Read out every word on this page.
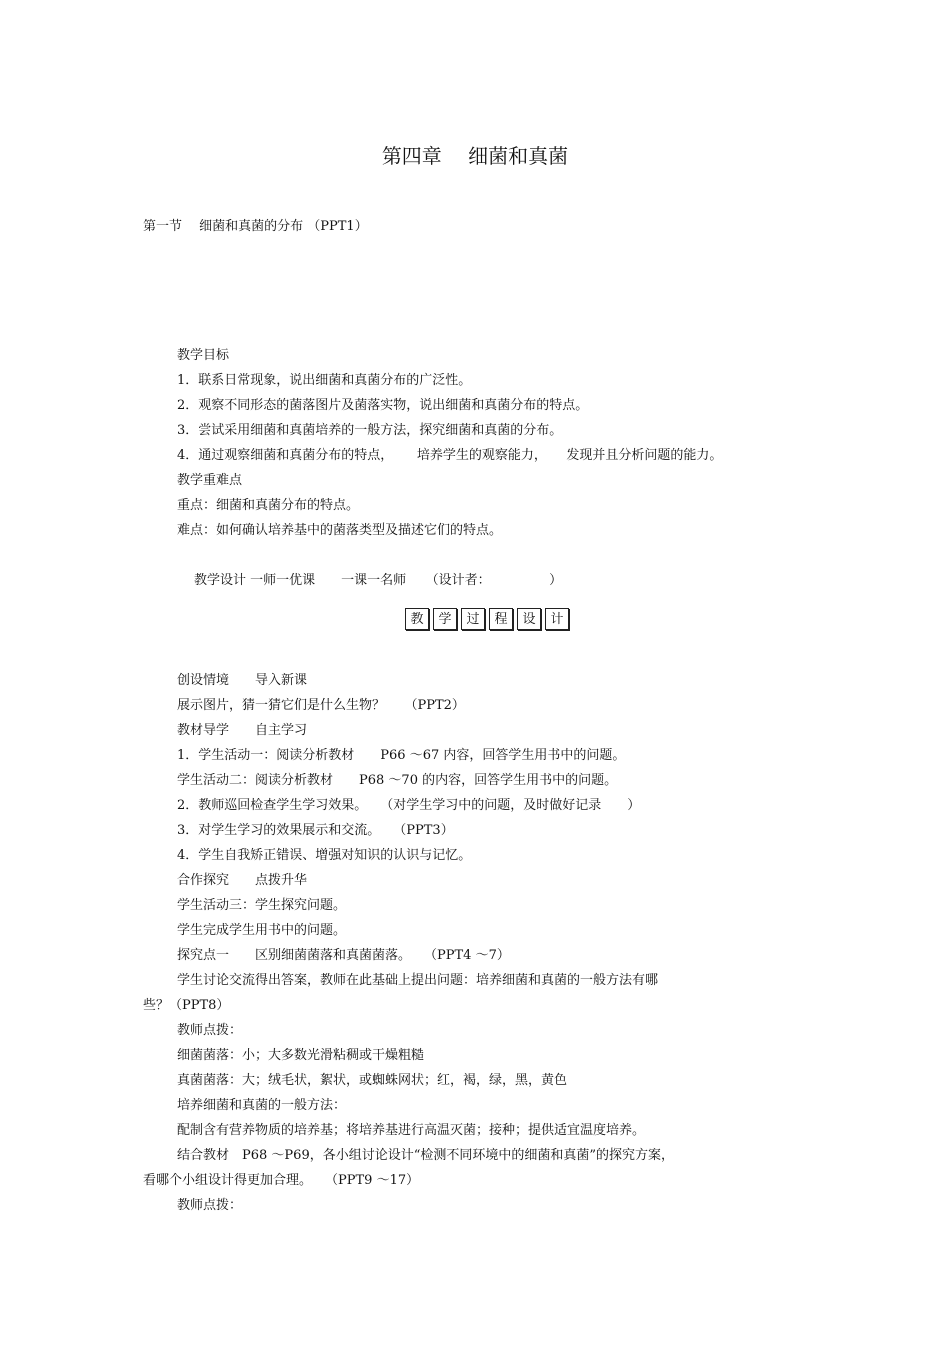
第四章　 细菌和真菌
第一节　 细菌和真菌的分布 （PPT1）
教学目标
1．联系日常现象，说出细菌和真菌分布的广泛性。
2．观察不同形态的菌落图片及菌落实物，说出细菌和真菌分布的特点。
3．尝试采用细菌和真菌培养的一般方法，探究细菌和真菌的分布。
4．通过观察细菌和真菌分布的特点，　　 培养学生的观察能力，　　发现并且分析问题的能力。
教学重难点
重点：细菌和真菌分布的特点。
难点：如何确认培养基中的菌落类型及描述它们的特点。
教学设计 一师一优课　　一课一名师　　（设计者：　　　　　）
教	学	过	程	设	计
创设情境　　导入新课
展示图片，猜一猜它们是什么生物？　　（PPT2）
教材导学　　自主学习
1．学生活动一：阅读分析教材　　P66 ～67 内容，回答学生用书中的问题。
学生活动二：阅读分析教材　　P68 ～70 的内容，回答学生用书中的问题。
2．教师巡回检查学生学习效果。　　（对学生学习中的问题，及时做好记录　　）
3．对学生学习的效果展示和交流。　　（PPT3）
4．学生自我矫正错误、增强对知识的认识与记忆。
合作探究　　点拨升华
学生活动三：学生探究问题。
学生完成学生用书中的问题。
探究点一　　区别细菌菌落和真菌菌落。　　（PPT4 ～7）
学生讨论交流得出答案，教师在此基础上提出问题：培养细菌和真菌的一般方法有哪
些？（PPT8）
教师点拨：
细菌菌落：小；大多数光滑粘稠或干燥粗糙
真菌菌落：大；绒毛状，絮状，或蜘蛛网状；红，褐，绿，黑，黄色
培养细菌和真菌的一般方法：
配制含有营养物质的培养基；将培养基进行高温灭菌；接种；提供适宜温度培养。
结合教材　P68 ～P69，各小组讨论设计“检测不同环境中的细菌和真菌”的探究方案，
看哪个小组设计得更加合理。　　（PPT9 ～17）
教师点拨：
